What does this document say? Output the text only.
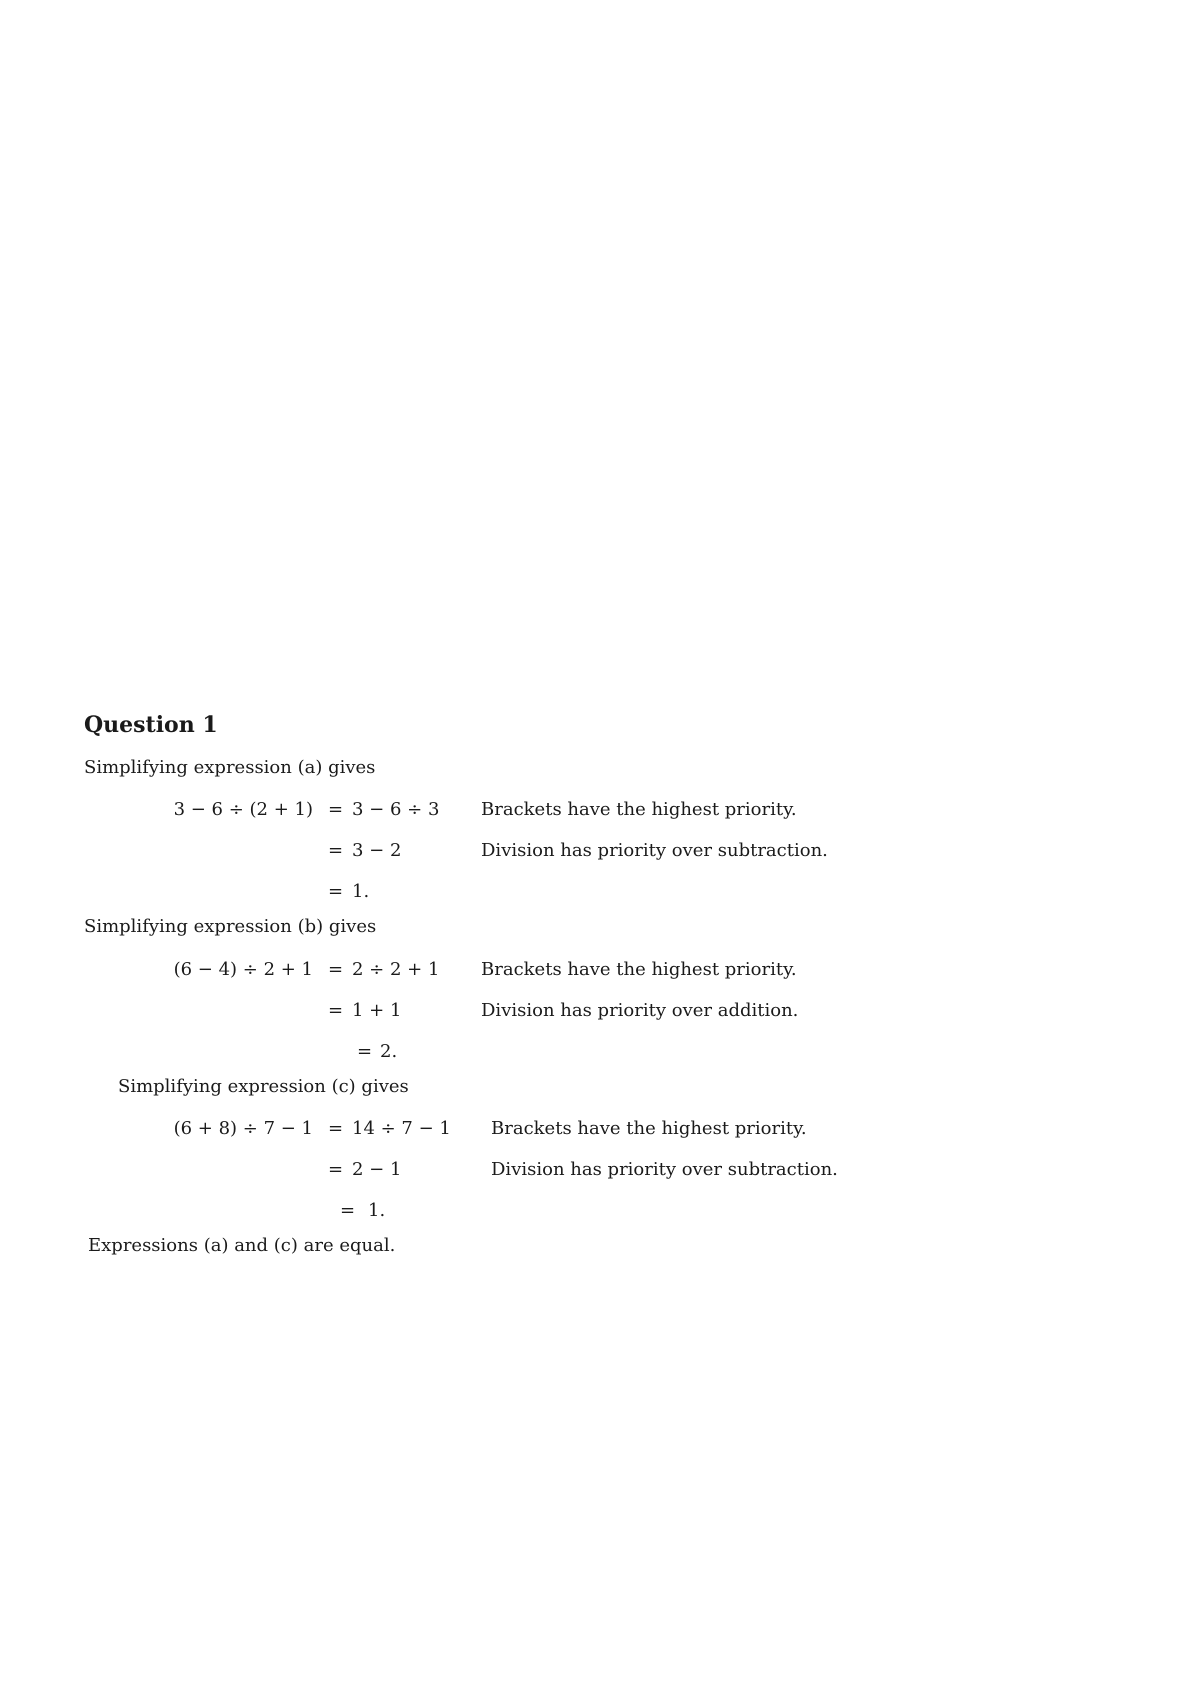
Question 1
Simplifying expression (a) gives
3 − 6 ÷ (2 + 1) = 3 − 6 ÷ 3 Brackets have the highest priority.
= 3 − 2	Division has priority over subtraction.
= 1.
Simplifying expression (b) gives
(6 − 4) ÷ 2 + 1 = 2 ÷ 2 + 1 Brackets have the highest priority.
= 1 + 1	Division has priority over addition.
= 2.
Simplifying expression (c) gives
(6 + 8) ÷ 7 − 1 = 14 ÷ 7 − 1 Brackets have the highest priority.
= 2 − 1	Division has priority over subtraction.
= 1.
Expressions (a) and (c) are equal.
